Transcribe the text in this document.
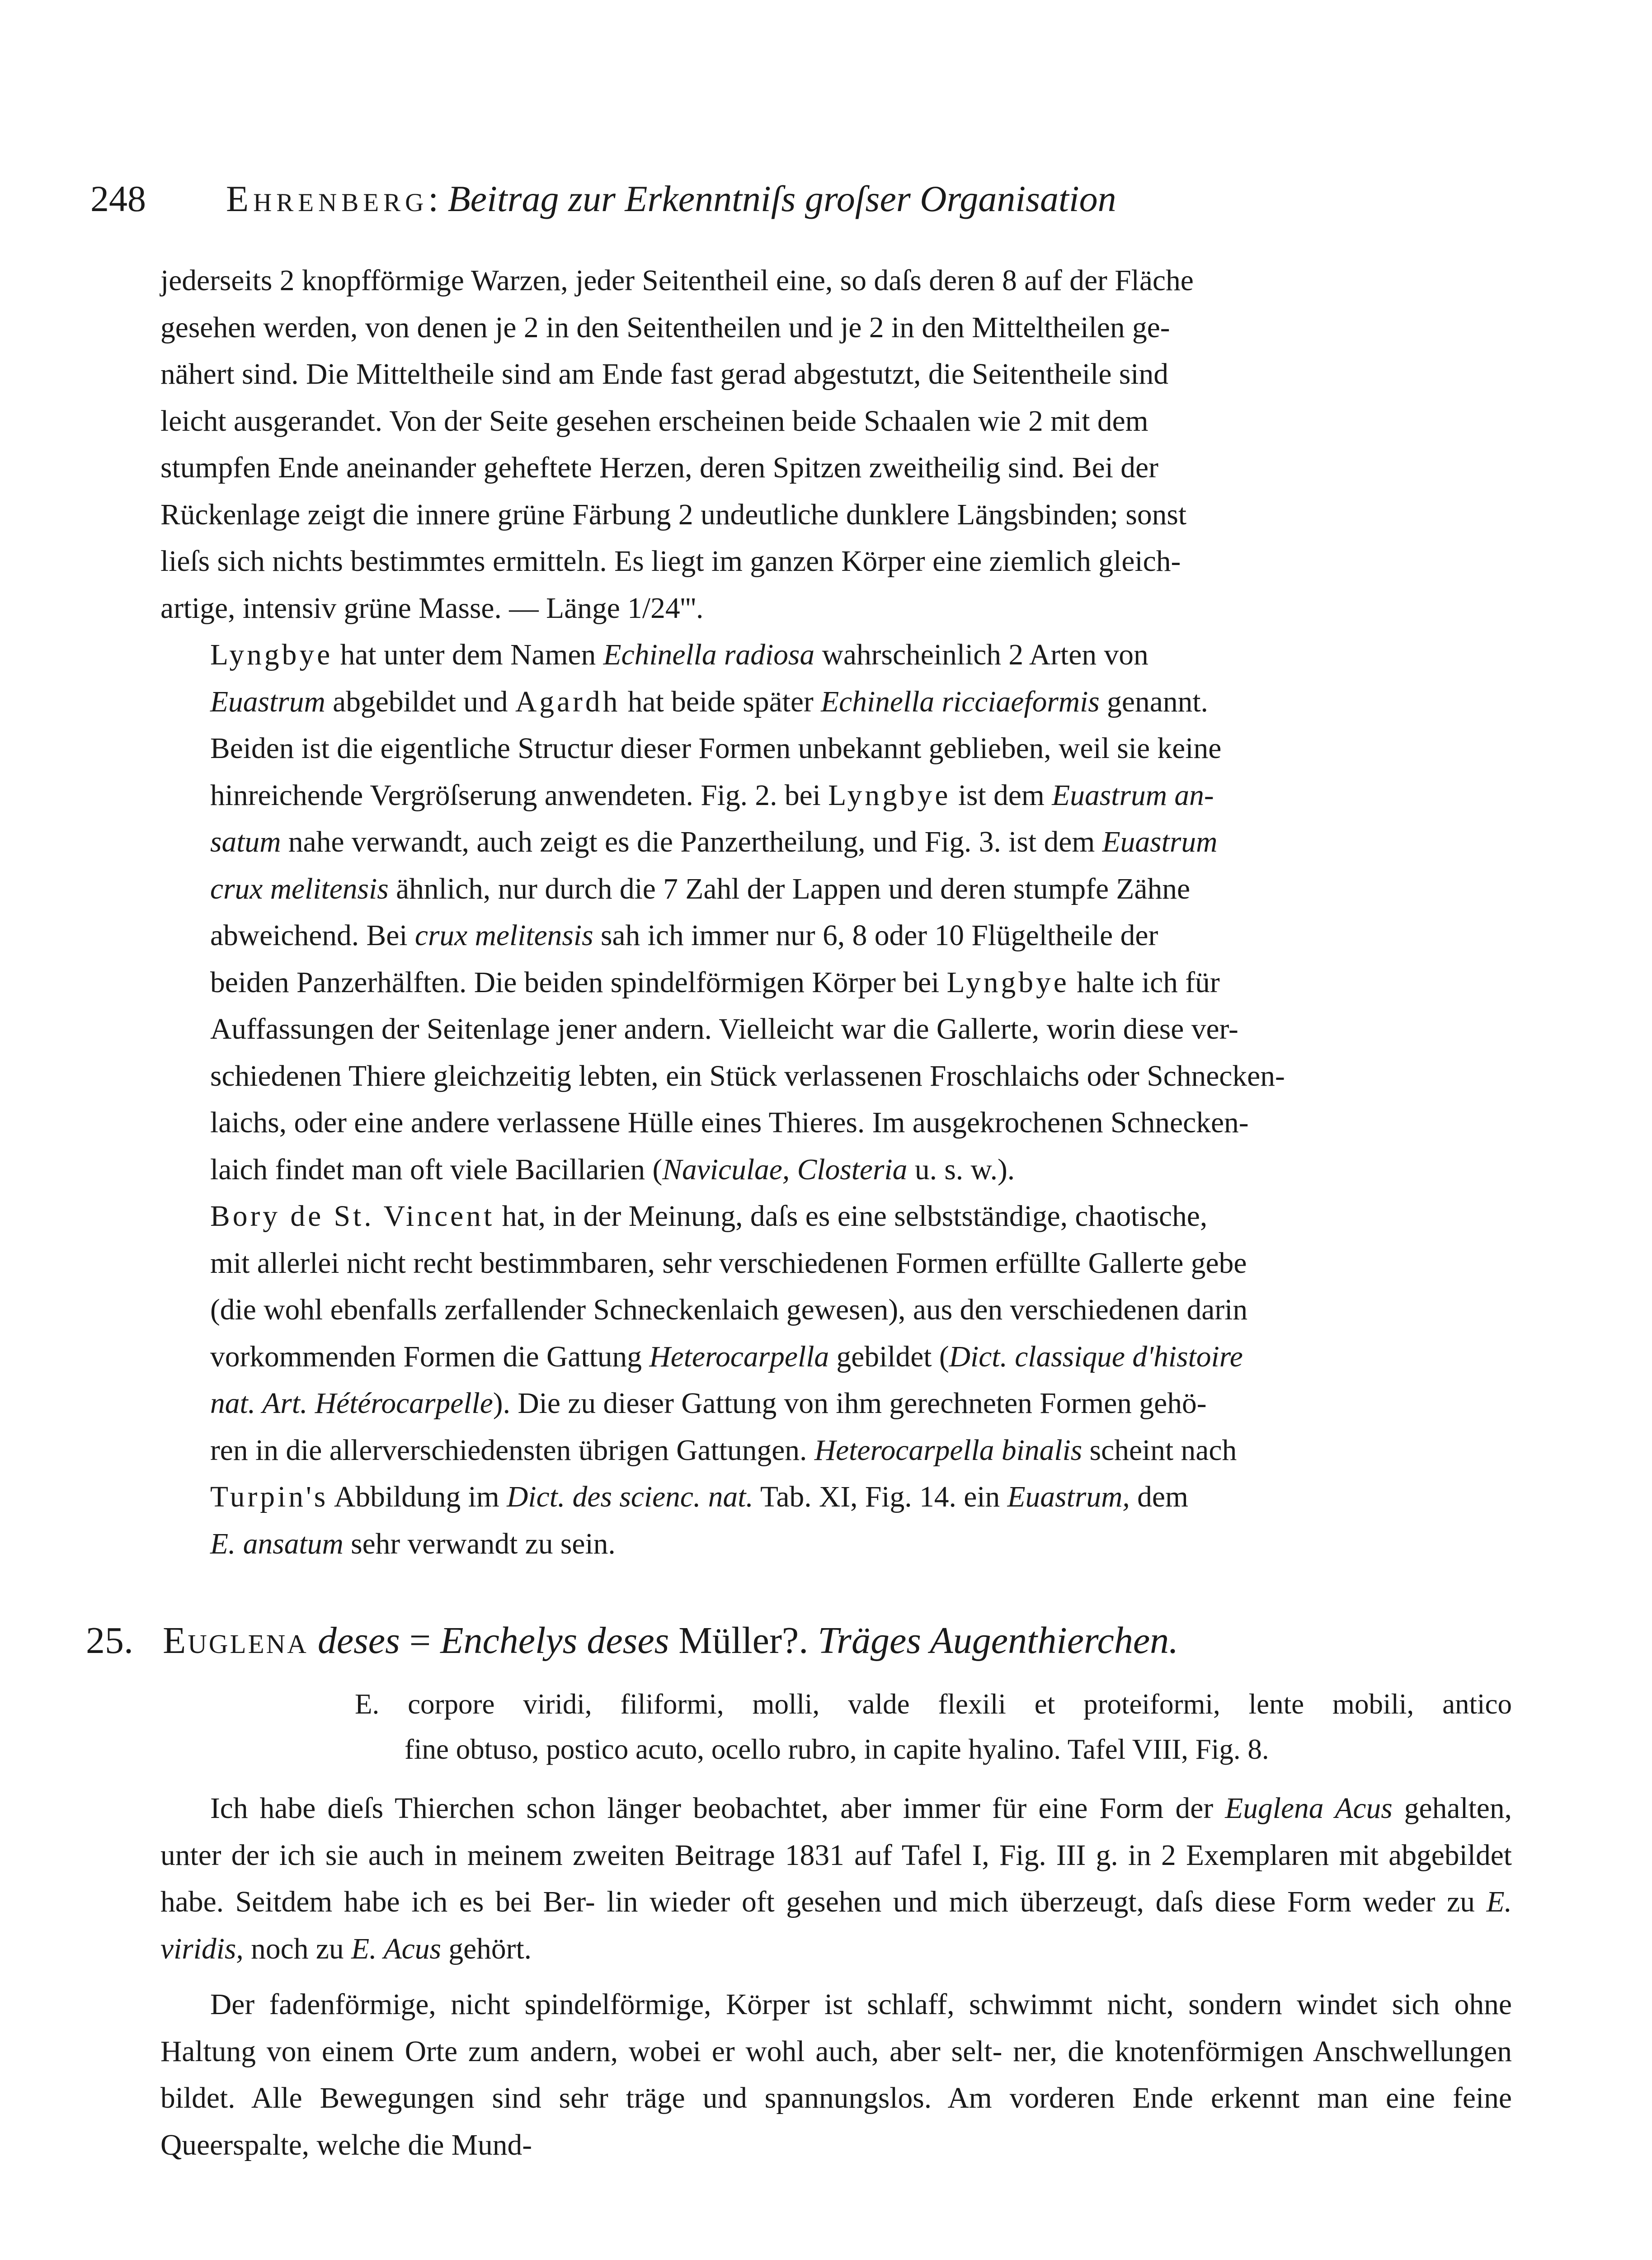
248 Ehrenberg: Beitrag zur Erkenntniſs groſser Organisation

jederseits 2 knopfförmige Warzen, jeder Seitentheil eine, so daſs deren 8 auf der Fläche
gesehen werden, von denen je 2 in den Seitentheilen und je 2 in den Mitteltheilen ge-
nähert sind. Die Mitteltheile sind am Ende fast gerad abgestutzt, die Seitentheile sind
leicht ausgerandet. Von der Seite gesehen erscheinen beide Schaalen wie 2 mit dem
stumpfen Ende aneinander geheftete Herzen, deren Spitzen zweitheilig sind. Bei der
Rückenlage zeigt die innere grüne Färbung 2 undeutliche dunklere Längsbinden; sonst
lieſs sich nichts bestimmtes ermitteln. Es liegt im ganzen Körper eine ziemlich gleich-
artige, intensiv grüne Masse. — Länge 1/24'''.

Lyngbye hat unter dem Namen Echinella radiosa wahrscheinlich 2 Arten von
Euastrum abgebildet und Agardh hat beide später Echinella ricciaeformis genannt.
Beiden ist die eigentliche Structur dieser Formen unbekannt geblieben, weil sie keine
hinreichende Vergröſserung anwendeten. Fig. 2. bei Lyngbye ist dem Euastrum an-
satum nahe verwandt, auch zeigt es die Panzertheilung, und Fig. 3. ist dem Euastrum
crux melitensis ähnlich, nur durch die 7 Zahl der Lappen und deren stumpfe Zähne
abweichend. Bei crux melitensis sah ich immer nur 6, 8 oder 10 Flügeltheile der
beiden Panzerhälften. Die beiden spindelförmigen Körper bei Lyngbye halte ich für
Auffassungen der Seitenlage jener andern. Vielleicht war die Gallerte, worin diese ver-
schiedenen Thiere gleichzeitig lebten, ein Stück verlassenen Froschlaichs oder Schnecken-
laichs, oder eine andere verlassene Hülle eines Thieres. Im ausgekrochenen Schnecken-
laich findet man oft viele Bacillarien (Naviculae, Closteria u. s. w.).

Bory de St. Vincent hat, in der Meinung, daſs es eine selbstständige, chaotische,
mit allerlei nicht recht bestimmbaren, sehr verschiedenen Formen erfüllte Gallerte gebe
(die wohl ebenfalls zerfallender Schneckenlaich gewesen), aus den verschiedenen darin
vorkommenden Formen die Gattung Heterocarpella gebildet (Dict. classique d'histoire
nat. Art. Hétérocarpelle). Die zu dieser Gattung von ihm gerechneten Formen gehö-
ren in die allerverschiedensten übrigen Gattungen. Heterocarpella binalis scheint nach
Turpin's Abbildung im Dict. des scienc. nat. Tab. XI, Fig. 14. ein Euastrum, dem
E. ansatum sehr verwandt zu sein.

25. Euglena deses = Enchelys deses Müller?. Träges Augenthierchen.

E. corpore viridi, filiformi, molli, valde flexili et proteiformi, lente mobili, antico
fine obtuso, postico acuto, ocello rubro, in capite hyalino. Tafel VIII, Fig. 8.

Ich habe dieſs Thierchen schon länger beobachtet, aber immer für eine Form der Euglena Acus gehalten, unter der ich sie auch in meinem zweiten Beitrage 1831 auf Tafel I, Fig. III g. in 2 Exemplaren mit abgebildet habe. Seitdem habe ich es bei Ber- lin wieder oft gesehen und mich überzeugt, daſs diese Form weder zu E. viridis, noch zu E. Acus gehört.

Der fadenförmige, nicht spindelförmige, Körper ist schlaff, schwimmt nicht, sondern windet sich ohne Haltung von einem Orte zum andern, wobei er wohl auch, aber selt- ner, die knotenförmigen Anschwellungen bildet. Alle Bewegungen sind sehr träge und spannungslos. Am vorderen Ende erkennt man eine feine Queerspalte, welche die Mund-
